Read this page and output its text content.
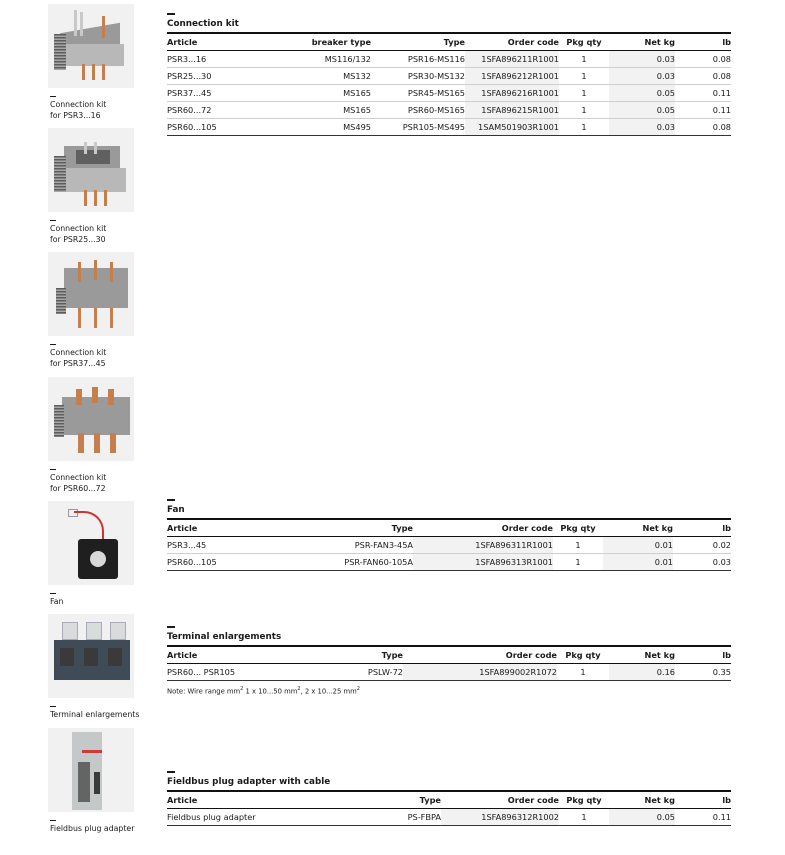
Connection kit
for PSR3...16
Connection kit
for PSR25...30
Connection kit
for PSR37...45
Connection kit
for PSR60...72
Fan
Terminal enlargements
Fieldbus plug adapter
Connection kit
Article	breaker type	Type	Order code	Pkg qty	Net kg	lb
PSR3...16	MS116/132	PSR16-MS116	1SFA896211R1001	1	0.03	0.08
PSR25...30	MS132	PSR30-MS132	1SFA896212R1001	1	0.03	0.08
PSR37...45	MS165	PSR45-MS165	1SFA896216R1001	1	0.05	0.11
PSR60...72	MS165	PSR60-MS165	1SFA896215R1001	1	0.05	0.11
PSR60...105	MS495	PSR105-MS495	1SAM501903R1001	1	0.03	0.08
Fan
Article	Type	Order code	Pkg qty	Net kg	lb
PSR3...45	PSR-FAN3-45A	1SFA896311R1001	1	0.01	0.02
PSR60...105	PSR-FAN60-105A	1SFA896313R1001	1	0.01	0.03
Terminal enlargements
Article	Type	Order code	Pkg qty	Net kg	lb
PSR60... PSR105	PSLW-72	1SFA899002R1072	1	0.16	0.35
Note: Wire range $mm^2$ 1 x 10...50 $mm^2$, 2 x 10...25 $mm^2$
Fieldbus plug adapter with cable
Article	Type	Order code	Pkg qty	Net kg	lb
Fieldbus plug adapter	PS-FBPA	1SFA896312R1002	1	0.05	0.11
